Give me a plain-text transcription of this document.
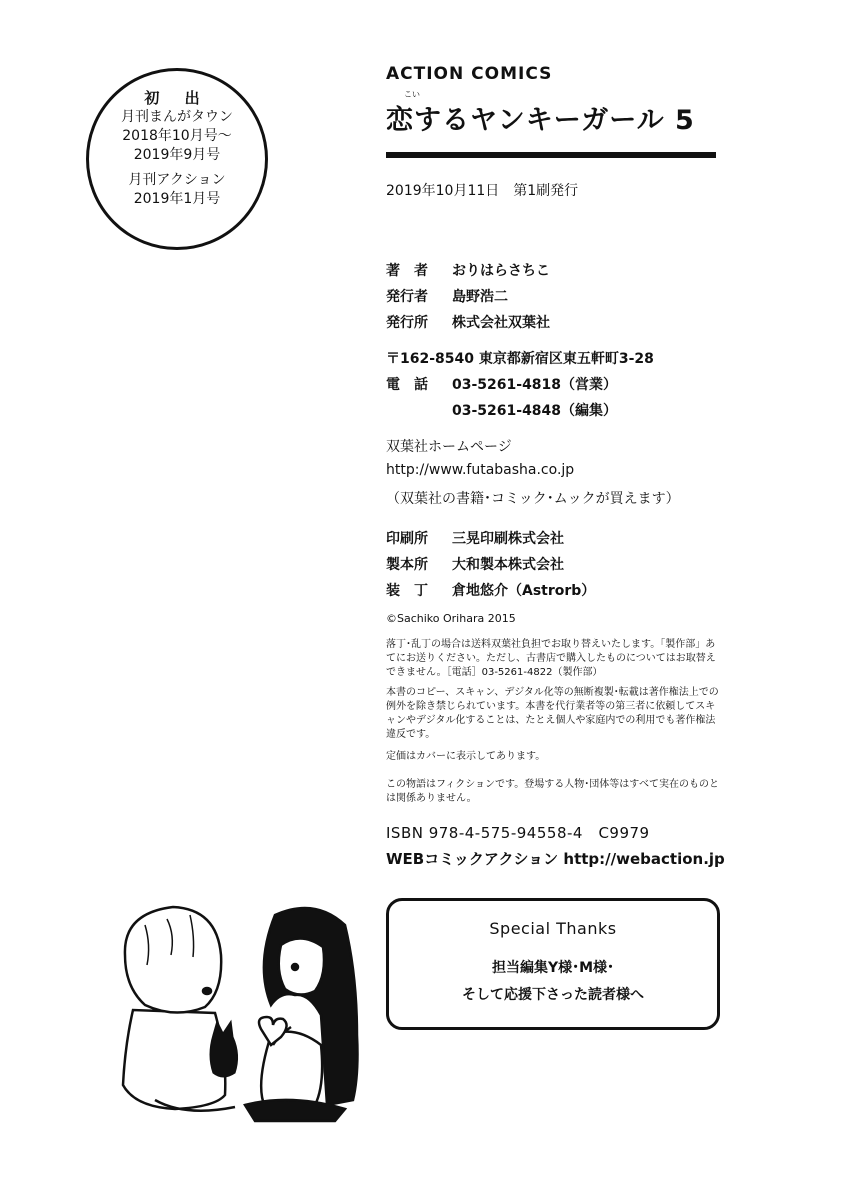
初 出
月刊まんがタウン
2018年10月号～
2019年9月号
月刊アクション
2019年1月号
ACTION COMICS
こい
恋するヤンキーガール 5
2019年10月11日　第1刷発行
著　者 おりはらさちこ
発行者 島野浩二
発行所 株式会社双葉社
〒162-8540 東京都新宿区東五軒町3-28
電　話 03-5261-4818（営業）
03-5261-4848（編集）
双葉社ホームページ
http://www.futabasha.co.jp
（双葉社の書籍･コミック･ムックが買えます）
印刷所 三晃印刷株式会社
製本所 大和製本株式会社
装　丁 倉地悠介（Astrorb）
©Sachiko Orihara 2015
落丁･乱丁の場合は送料双葉社負担でお取り替えいたします。「製作部」あてにお送りください。ただし、古書店で購入したものについてはお取替えできません。［電話］03-5261-4822（製作部）
本書のコピー、スキャン、デジタル化等の無断複製･転載は著作権法上での例外を除き禁じられています。本書を代行業者等の第三者に依頼してスキャンやデジタル化することは、たとえ個人や家庭内での利用でも著作権法違反です。
定価はカバーに表示してあります。
この物語はフィクションです。登場する人物･団体等はすべて実在のものとは関係ありません。
ISBN 978-4-575-94558-4　C9979
WEBコミックアクション http://webaction.jp
Special Thanks
担当編集Y様･M様･
そして応援下さった読者様へ
